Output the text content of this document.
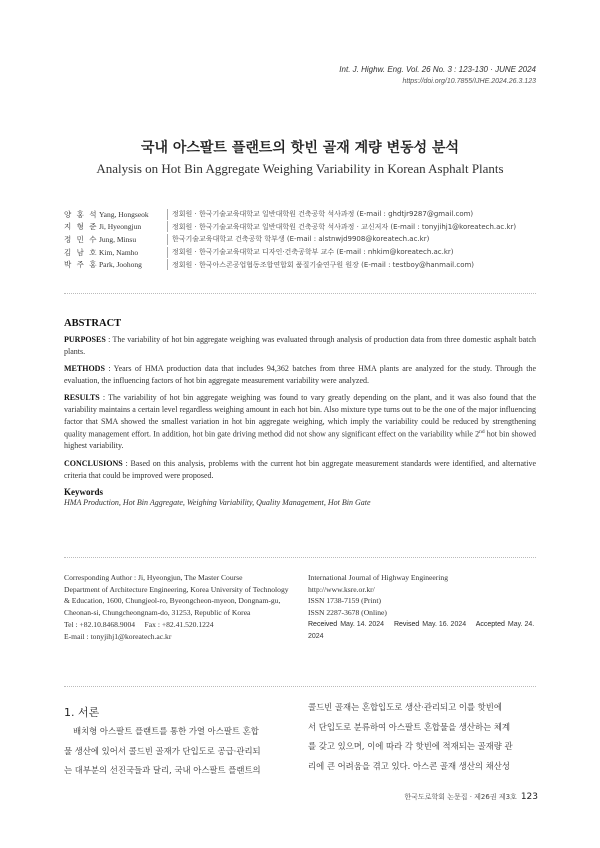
Int. J. Highw. Eng. Vol. 26 No. 3 : 123-130 · JUNE 2024
https://doi.org/10.7855/IJHE.2024.26.3.123
국내 아스팔트 플랜트의 핫빈 골재 계량 변동성 분석
Analysis on Hot Bin Aggregate Weighing Variability in Korean Asphalt Plants
양 홍 석 Yang, Hongseok	정회원 · 한국기술교육대학교 일반대학원 건축공학 석사과정 (E-mail : ghdtjr9287@gmail.com)
지 형 준 Ji, Hyeongjun	정회원 · 한국기술교육대학교 일반대학원 건축공학 석사과정 · 교신저자 (E-mail : tonyjihj1@koreatech.ac.kr)
정 민 수 Jung, Minsu	한국기술교육대학교 건축공학 학부생 (E-mail : alstnwjd9908@koreatech.ac.kr)
김 남 호 Kim, Namho	정회원 · 한국기술교육대학교 디자인·건축공학부 교수 (E-mail : nhkim@koreatech.ac.kr)
박 주 홍 Park, Joohong	정회원 · 한국아스콘공업협동조합연합회 품질기술연구원 원장 (E-mail : testboy@hanmail.com)
ABSTRACT

PURPOSES : The variability of hot bin aggregate weighing was evaluated through analysis of production data from three domestic asphalt batch plants.

METHODS : Years of HMA production data that includes 94,362 batches from three HMA plants are analyzed for the study. Through the evaluation, the influencing factors of hot bin aggregate measurement variability were analyzed.

RESULTS : The variability of hot bin aggregate weighing was found to vary greatly depending on the plant, and it was also found that the variability maintains a certain level regardless weighing amount in each hot bin. Also mixture type turns out to be the one of the major influencing factor that SMA showed the smallest variation in hot bin aggregate weighing, which imply the variability could be reduced by strengthening quality management effort. In addition, hot bin gate driving method did not show any significant effect on the variability while 2nd hot bin showed highest variability.

CONCLUSIONS : Based on this analysis, problems with the current hot bin aggregate measurement standards were identified, and alternative criteria that could be improved were proposed.

Keywords
HMA Production, Hot Bin Aggregate, Weighing Variability, Quality Management, Hot Bin Gate
Corresponding Author : Ji, Hyeongjun, The Master Course
Department of Architecture Engineering, Korea University of Technology
& Education, 1600, Chungjeol-ro, Byeongcheon-myeon, Dongnam-gu,
Cheonan-si, Chungcheongnam-do, 31253, Republic of Korea
Tel : +82.10.8468.9004     Fax : +82.41.520.1224
E-mail : tonyjihj1@koreatech.ac.kr
International Journal of Highway Engineering
http://www.ksre.or.kr/
ISSN 1738-7159 (Print)
ISSN 2287-3678 (Online)
Received May. 14. 2024 Revised May. 16. 2024 Accepted May. 24. 2024
1. 서론
배치형 아스팔트 플랜트를 통한 가열 아스팔트 혼합
물 생산에 있어서 콜드빈 골재가 단입도로 공급·관리되
는 대부분의 선진국들과 달리, 국내 아스팔트 플랜트의
콜드빈 골재는 혼합입도로 생산·관리되고 이를 핫빈에
서 단입도로 분류하여 아스팔트 혼합물을 생산하는 체계
를 갖고 있으며, 이에 따라 각 핫빈에 적재되는 골재량 관
리에 큰 어려움을 겪고 있다. 아스콘 골재 생산의 채산성
한국도로학회 논문집 · 제26권 제3호 123
